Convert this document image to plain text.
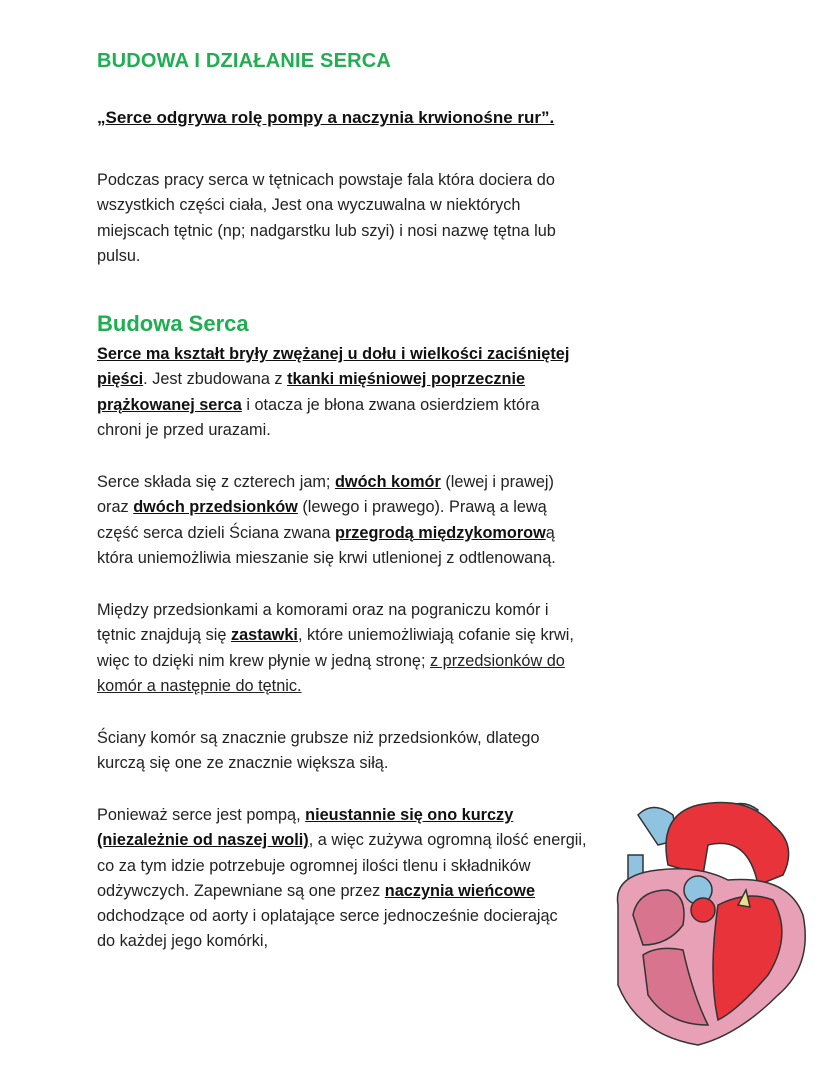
BUDOWA I DZIAŁANIE SERCA
„Serce odgrywa rolę pompy a naczynia krwionośne rur”.
Podczas pracy serca w tętnicach powstaje fala która dociera do
wszystkich części ciała, Jest ona wyczuwalna w niektórych
miejscach tętnic (np; nadgarstku lub szyi) i nosi nazwę tętna lub
pulsu.
Budowa Serca
Serce ma kształt bryły zwężanej u dołu i wielkości zaciśniętej
pięści. Jest zbudowana z tkanki mięśniowej poprzecznie
prążkowanej serca i otacza je błona zwana osierdziem która
chroni je przed urazami.
Serce składa się z czterech jam; dwóch komór (lewej i prawej)
oraz dwóch przedsionków (lewego i prawego). Prawą a lewą
część serca dzieli Ściana zwana przegrodą międzykomorową
która uniemożliwia mieszanie się krwi utlenionej z odtlenowaną.
Między przedsionkami a komorami oraz na pograniczu komór i
tętnic znajdują się zastawki, które uniemożliwiają cofanie się krwi,
więc to dzięki nim krew płynie w jedną stronę; z przedsionków do
komór a następnie do tętnic.
Ściany komór są znacznie grubsze niż przedsionków, dlatego
kurczą się one ze znacznie większa siłą.
Ponieważ serce jest pompą, nieustannie się ono kurczy
(niezależnie od naszej woli), a więc zużywa ogromną ilość energii,
co za tym idzie potrzebuje ogromnej ilości tlenu i składników
odżywczych. Zapewniane są one przez naczynia wieńcowe
odchodzące od aorty i oplatające serce jednocześnie docierając
do każdej jego komórki,
